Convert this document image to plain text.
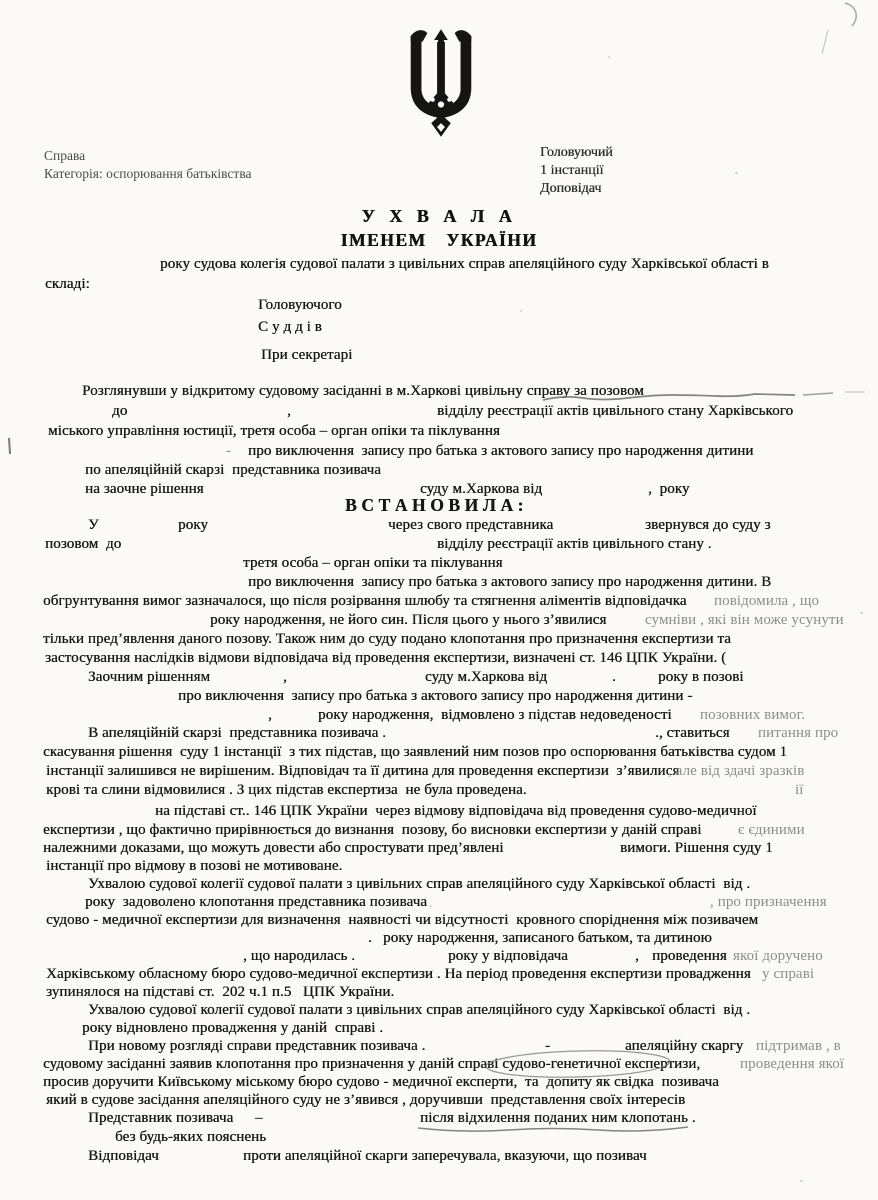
Справа
Категорія: оспорювання батьківства
Головуючий
1 інстанції
Доповідач
У Х В А Л А
ІМЕНЕМ УКРАЇНИ
року судова колегія судової палати з цивільних справ апеляційного суду Харківської області в
складі:
Головуючого
С у д д і в
При секретарі
Розглянувши у відкритому судовому засіданні в м.Харкові цивільну справу за позовом
до	,	відділу реєстрації актів цивільного стану Харківського
міського управління юстиції, третя особа – орган опіки та піклування
- про виключення  запису про батька з актового запису про народження дитини
по апеляційній скарзі  представника позивача
на заочне рішення	суду м.Харкова від	,  року
В С Т А Н О В И Л А :
У	року	через свого представника	звернувся до суду з
позовом  до	відділу реєстрації актів цивільного стану .
третя особа – орган опіки та піклування
про виключення  запису про батька з актового запису про народження дитини. В
обгрунтування вимог зазначалося, що після розірвання шлюбу та стягнення аліментів відповідачка повідомила , що
року народження, не його син. Після цього у нього з’явилися	сумніви , які він може усунути
тільки пред’явлення даного позову. Також ним до суду подано клопотання про призначення експертизи та
застосування наслідків відмови відповідача від проведення експертизи, визначені ст. 146 ЦПК України. (
Заочним рішенням	,	суду м.Харкова від	.	року в позові
про виключення  запису про батька з актового запису про народження дитини -
,	року народження,  відмовлено з підстав недоведеності позовних вимог.
В апеляційній скарзі  представника позивача .	., ставиться питання про
скасування рішення  суду 1 інстанції  з тих підстав, що заявлений ним позов про оспорювання батьківства судом 1
інстанції залишився не вирішеним. Відповідач та її дитина для проведення експертизи  з’явилися
, але від здачі зразків
крові та слини відмовилися . З цих підстав експертиза  не була проведена.	ії
на підставі ст.. 146 ЦПК України  через відмову відповідача від проведення судово-медичної
експертизи , що фактично прирівнюється до визнання  позову, бо висновки експертизи у даній справі є єдиними
належними доказами, що можуть довести або спростувати пред’явлені	вимоги. Рішення суду 1
інстанції про відмову в позові не мотивоване.
Ухвалою судової колегії судової палати з цивільних справ апеляційного суду Харківської області  від .
року  задоволено клопотання представника позивача	, про призначення
судово - медичної експертизи для визначення  наявності чи відсутності  кровного споріднення між позивачем
. року народження, записаного батьком, та дитиною
, що народилась .	року у відповідача	, проведення якої доручено
Харківському обласному бюро судово-медичної експертизи . На період проведення експертизи провадження у справі
зупинялося на підставі ст.  202 ч.1 п.5   ЦПК України.
Ухвалою судової колегії судової палати з цивільних справ апеляційного суду Харківської області  від .
року відновлено провадження у даній  справі .
При новому розгляді справи представник позивача .	-	апеляційну скаргу підтримав , в
судовому засіданні заявив клопотання про призначення у даній справі судово-генетичної експертизи,	проведення якої
просив доручити Київському міському бюро судово - медичної експерти,  та  допиту як свідка  позивача
який в судове засідання апеляційного суду не з’явився , доручивши  представлення своїх інтересів
Представник позивача –	після відхилення поданих ним клопотань .
без будь-яких пояснень
Відповідач	проти апеляційної скарги заперечувала, вказуючи, що позивач
